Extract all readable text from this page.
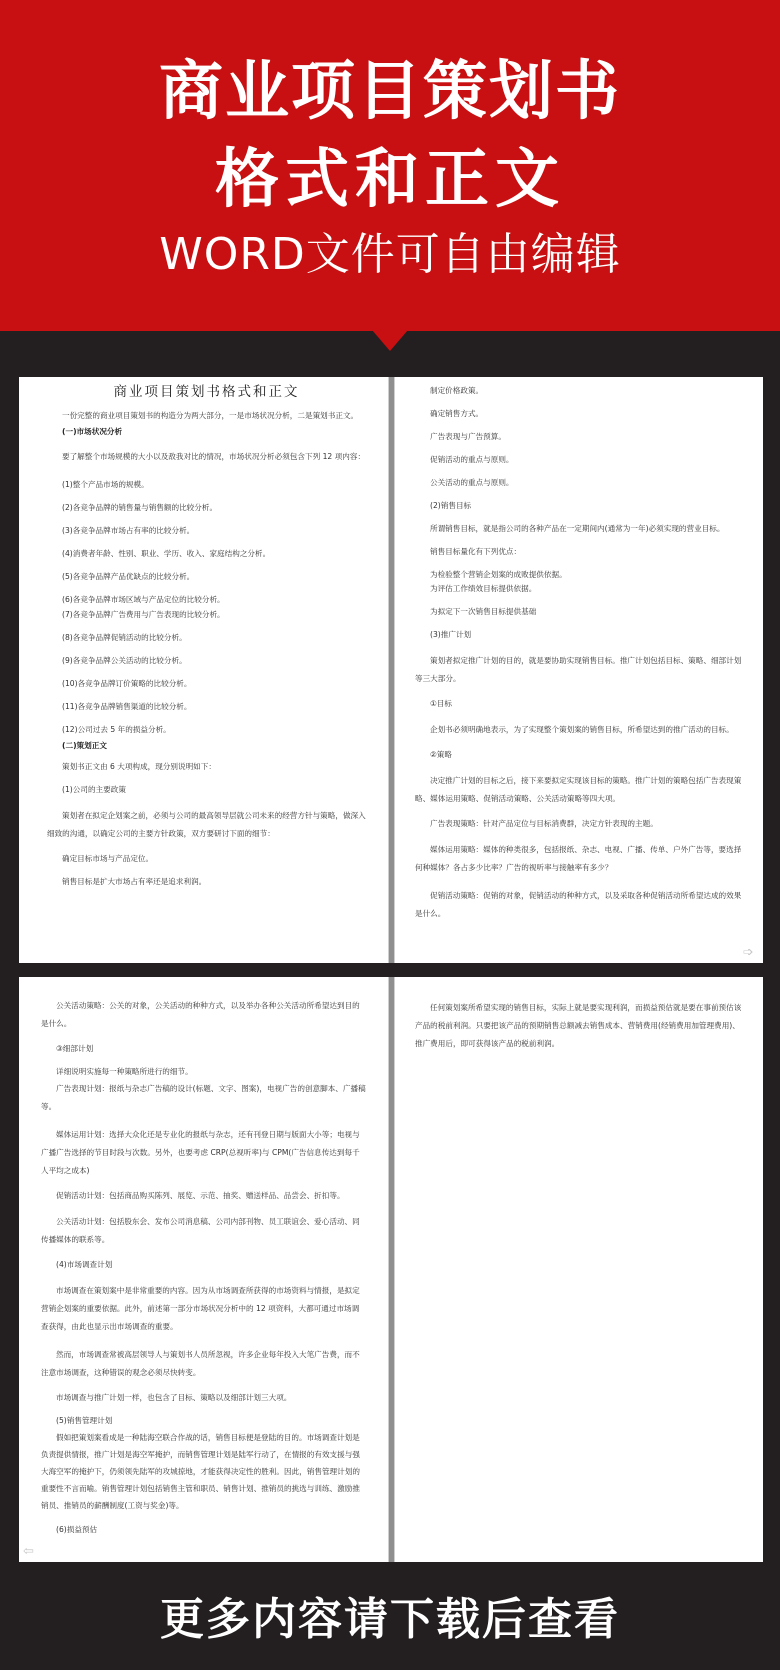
商业项目策划书
格式和正文
WORD文件可自由编辑
商业项目策划书格式和正文

一份完整的商业项目策划书的构造分为两大部分，一是市场状况分析，二是策划书正文。

(一)市场状况分析

要了解整个市场规模的大小以及敌我对比的情况，市场状况分析必须包含下列 12 项内容：

(1)整个产品市场的规模。

(2)各竞争品牌的销售量与销售额的比较分析。

(3)各竞争品牌市场占有率的比较分析。

(4)消费者年龄、性别、职业、学历、收入、家庭结构之分析。

(5)各竞争品牌产品优缺点的比较分析。

(6)各竞争品牌市场区域与产品定位的比较分析。

(7)各竞争品牌广告费用与广告表现的比较分析。

(8)各竞争品牌促销活动的比较分析。

(9)各竞争品牌公关活动的比较分析。

(10)各竞争品牌订价策略的比较分析。

(11)各竞争品牌销售渠道的比较分析。

(12)公司过去 5 年的损益分析。

(二)策划正文

策划书正文由 6 大项构成，现分别说明如下：

(1)公司的主要政策

策划者在拟定企划案之前，必须与公司的最高领导层就公司未来的经营方针与策略，做深入细致的沟通，以确定公司的主要方针政策，双方要研讨下面的细节：

确定目标市场与产品定位。

销售目标是扩大市场占有率还是追求利润。

制定价格政策。

确定销售方式。

广告表现与广告预算。

促销活动的重点与原则。

公关活动的重点与原则。

(2)销售目标

所谓销售目标，就是指公司的各种产品在一定期间内(通常为一年)必须实现的营业目标。

销售目标量化有下列优点：

为检验整个营销企划案的成败提供依据。

为评估工作绩效目标提供依据。

为拟定下一次销售目标提供基础

(3)推广计划

策划者拟定推广计划的目的，就是要协助实现销售目标。推广计划包括目标、策略、细部计划等三大部分。

①目标

企划书必须明确地表示，为了实现整个策划案的销售目标，所希望达到的推广活动的目标。

②策略

决定推广计划的目标之后，接下来要拟定实现该目标的策略。推广计划的策略包括广告表现策略、媒体运用策略、促销活动策略、公关活动策略等四大项。

广告表现策略：针对产品定位与目标消费群，决定方针表现的主题。

媒体运用策略：媒体的种类很多，包括报纸、杂志、电视、广播、传单、户外广告等，要选择何种媒体？各占多少比率？广告的视听率与接触率有多少？

促销活动策略：促销的对象，促销活动的种种方式，以及采取各种促销活动所希望达成的效果是什么。

➩

公关活动策略：公关的对象，公关活动的种种方式，以及举办各种公关活动所希望达到目的是什么。

③细部计划

详细说明实施每一种策略所进行的细节。

广告表现计划：报纸与杂志广告稿的设计(标题、文字、图案)，电视广告的创意脚本、广播稿等。

媒体运用计划：选择大众化还是专业化的报纸与杂志，还有刊登日期与版面大小等；电视与广播广告选择的节目时段与次数。另外，也要考虑 CRP(总视听率)与 CPM(广告信息传达到每千人平均之成本)

促销活动计划：包括商品购买陈列、展览、示范、抽奖、赠送样品、品尝会、折扣等。

公关活动计划：包括股东会、发布公司消息稿、公司内部刊物、员工联谊会、爱心活动、同传播媒体的联系等。

(4)市场调查计划

市场调查在策划案中是非常重要的内容。因为从市场调查所获得的市场资料与情报，是拟定营销企划案的重要依据。此外，前述第一部分市场状况分析中的 12 项资料，大都可通过市场调查获得，由此也显示出市场调查的重要。

然而，市场调查常被高层领导人与策划书人员所忽视，许多企业每年投入大笔广告费，而不注意市场调查，这种错误的观念必须尽快转变。

市场调查与推广计划一样，也包含了目标、策略以及细部计划三大项。

(5)销售管理计划

假如把策划案看成是一种陆海空联合作战的话，销售目标便是登陆的目的。市场调查计划是负责提供情报，推广计划是海空军掩护，而销售管理计划是陆军行动了，在情报的有效支援与强大海空军的掩护下，仍须领先陆军的攻城掠地，才能获得决定性的胜利。因此，销售管理计划的重要性不言而喻。销售管理计划包括销售主管和职员、销售计划、推销员的挑选与训练、激励推销员、推销员的薪酬制度(工资与奖金)等。

(6)损益预估

⇦

任何策划案所希望实现的销售目标，实际上就是要实现利润，而损益预估就是要在事前预估该产品的税前利润。只要把该产品的预期销售总额减去销售成本、营销费用(经销费用加管理费用)、推广费用后，即可获得该产品的税前利润。

更多内容请下载后查看
